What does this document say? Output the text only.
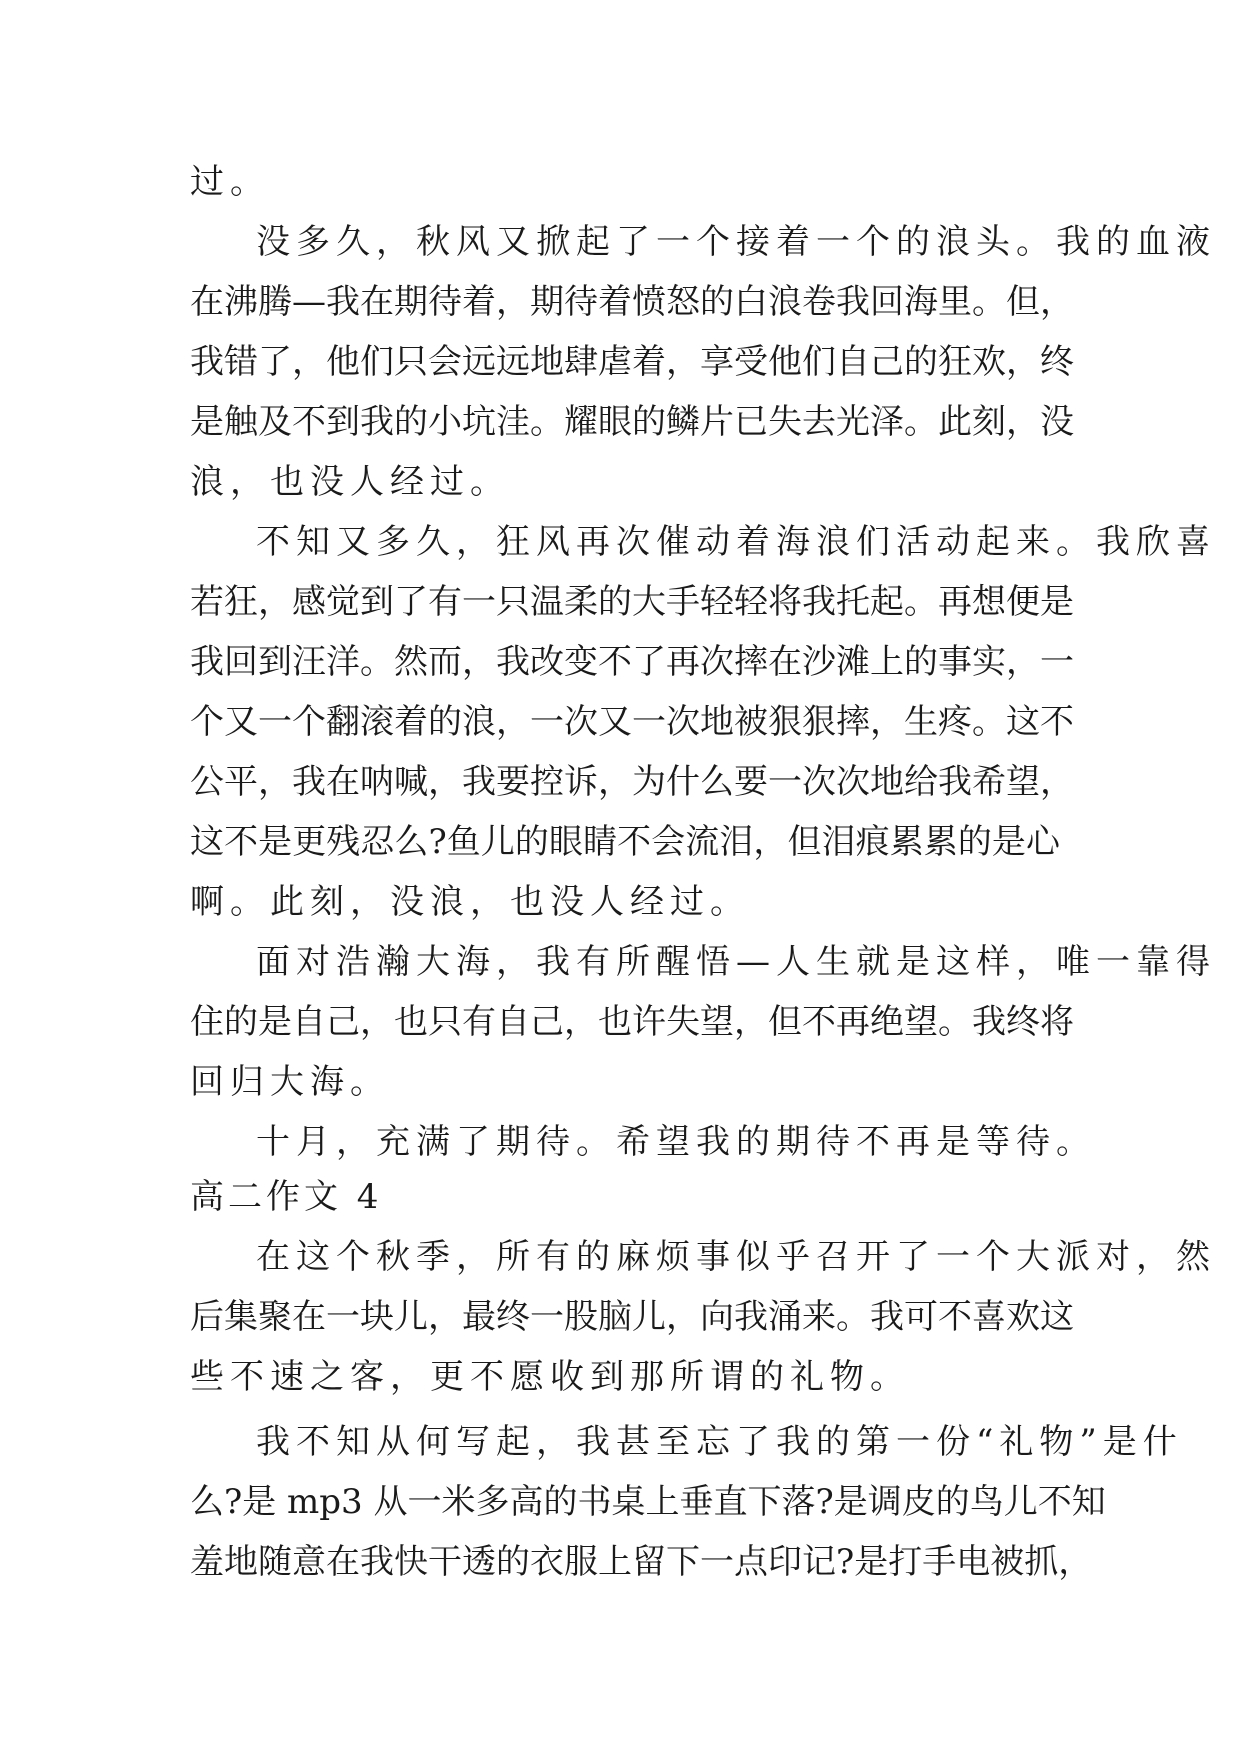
过。
没多久，秋风又掀起了一个接着一个的浪头。我的血液
在沸腾—我在期待着，期待着愤怒的白浪卷我回海里。但，
我错了，他们只会远远地肆虐着，享受他们自己的狂欢，终
是触及不到我的小坑洼。耀眼的鳞片已失去光泽。此刻，没
浪，也没人经过。
不知又多久，狂风再次催动着海浪们活动起来。我欣喜
若狂，感觉到了有一只温柔的大手轻轻将我托起。再想便是
我回到汪洋。然而，我改变不了再次摔在沙滩上的事实，一
个又一个翻滚着的浪，一次又一次地被狠狠摔，生疼。这不
公平，我在呐喊，我要控诉，为什么要一次次地给我希望，
这不是更残忍么?鱼儿的眼睛不会流泪，但泪痕累累的是心
啊。此刻，没浪，也没人经过。
面对浩瀚大海，我有所醒悟—人生就是这样，唯一靠得
住的是自己，也只有自己，也许失望，但不再绝望。我终将
回归大海。
十月，充满了期待。希望我的期待不再是等待。
高二作文 4
在这个秋季，所有的麻烦事似乎召开了一个大派对，然
后集聚在一块儿，最终一股脑儿，向我涌来。我可不喜欢这
些不速之客，更不愿收到那所谓的礼物。
我不知从何写起，我甚至忘了我的第一份“礼物”是什
么?是 mp3 从一米多高的书桌上垂直下落?是调皮的鸟儿不知
羞地随意在我快干透的衣服上留下一点印记?是打手电被抓，
